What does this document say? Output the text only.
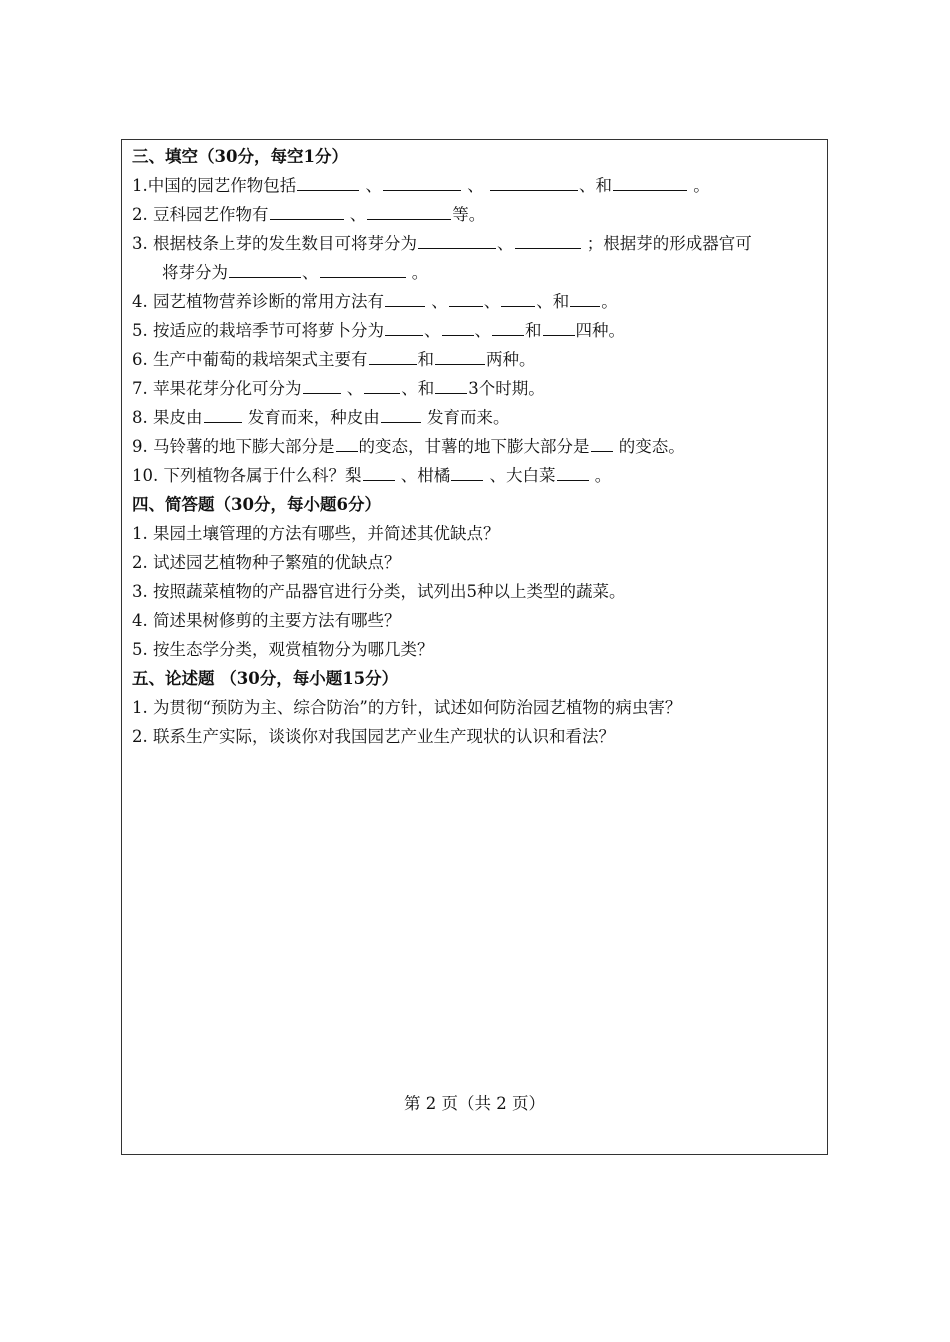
三、填空（30分，每空1分）
1.中国的园艺作物包括	、	、	、和	。
2. 豆科园艺作物有	、	等。
3. 根据枝条上芽的发生数目可将芽分为	、	；根据芽的形成器官可
将芽分为	、	。
4. 园艺植物营养诊断的常用方法有	、 、 、和 。
5. 按适应的栽培季节可将萝卜分为 、 、 和 四种。
6. 生产中葡萄的栽培架式主要有	和	两种。
7. 苹果花芽分化可分为	、 、和 3个时期。
8. 果皮由	发育而来，种皮由	发育而来。
9. 马铃薯的地下膨大部分是 的变态，甘薯的地下膨大部分是 的变态。
10. 下列植物各属于什么科？梨 、柑橘 、大白菜 。
四、简答题（30分，每小题6分）
1. 果园土壤管理的方法有哪些，并简述其优缺点？
2. 试述园艺植物种子繁殖的优缺点？
3. 按照蔬菜植物的产品器官进行分类，试列出5种以上类型的蔬菜。
4. 简述果树修剪的主要方法有哪些？
5. 按生态学分类，观赏植物分为哪几类？
五、论述题 （30分，每小题15分）
1. 为贯彻“预防为主、综合防治”的方针，试述如何防治园艺植物的病虫害？
2. 联系生产实际，谈谈你对我国园艺产业生产现状的认识和看法？
第 2 页（共 2 页）
